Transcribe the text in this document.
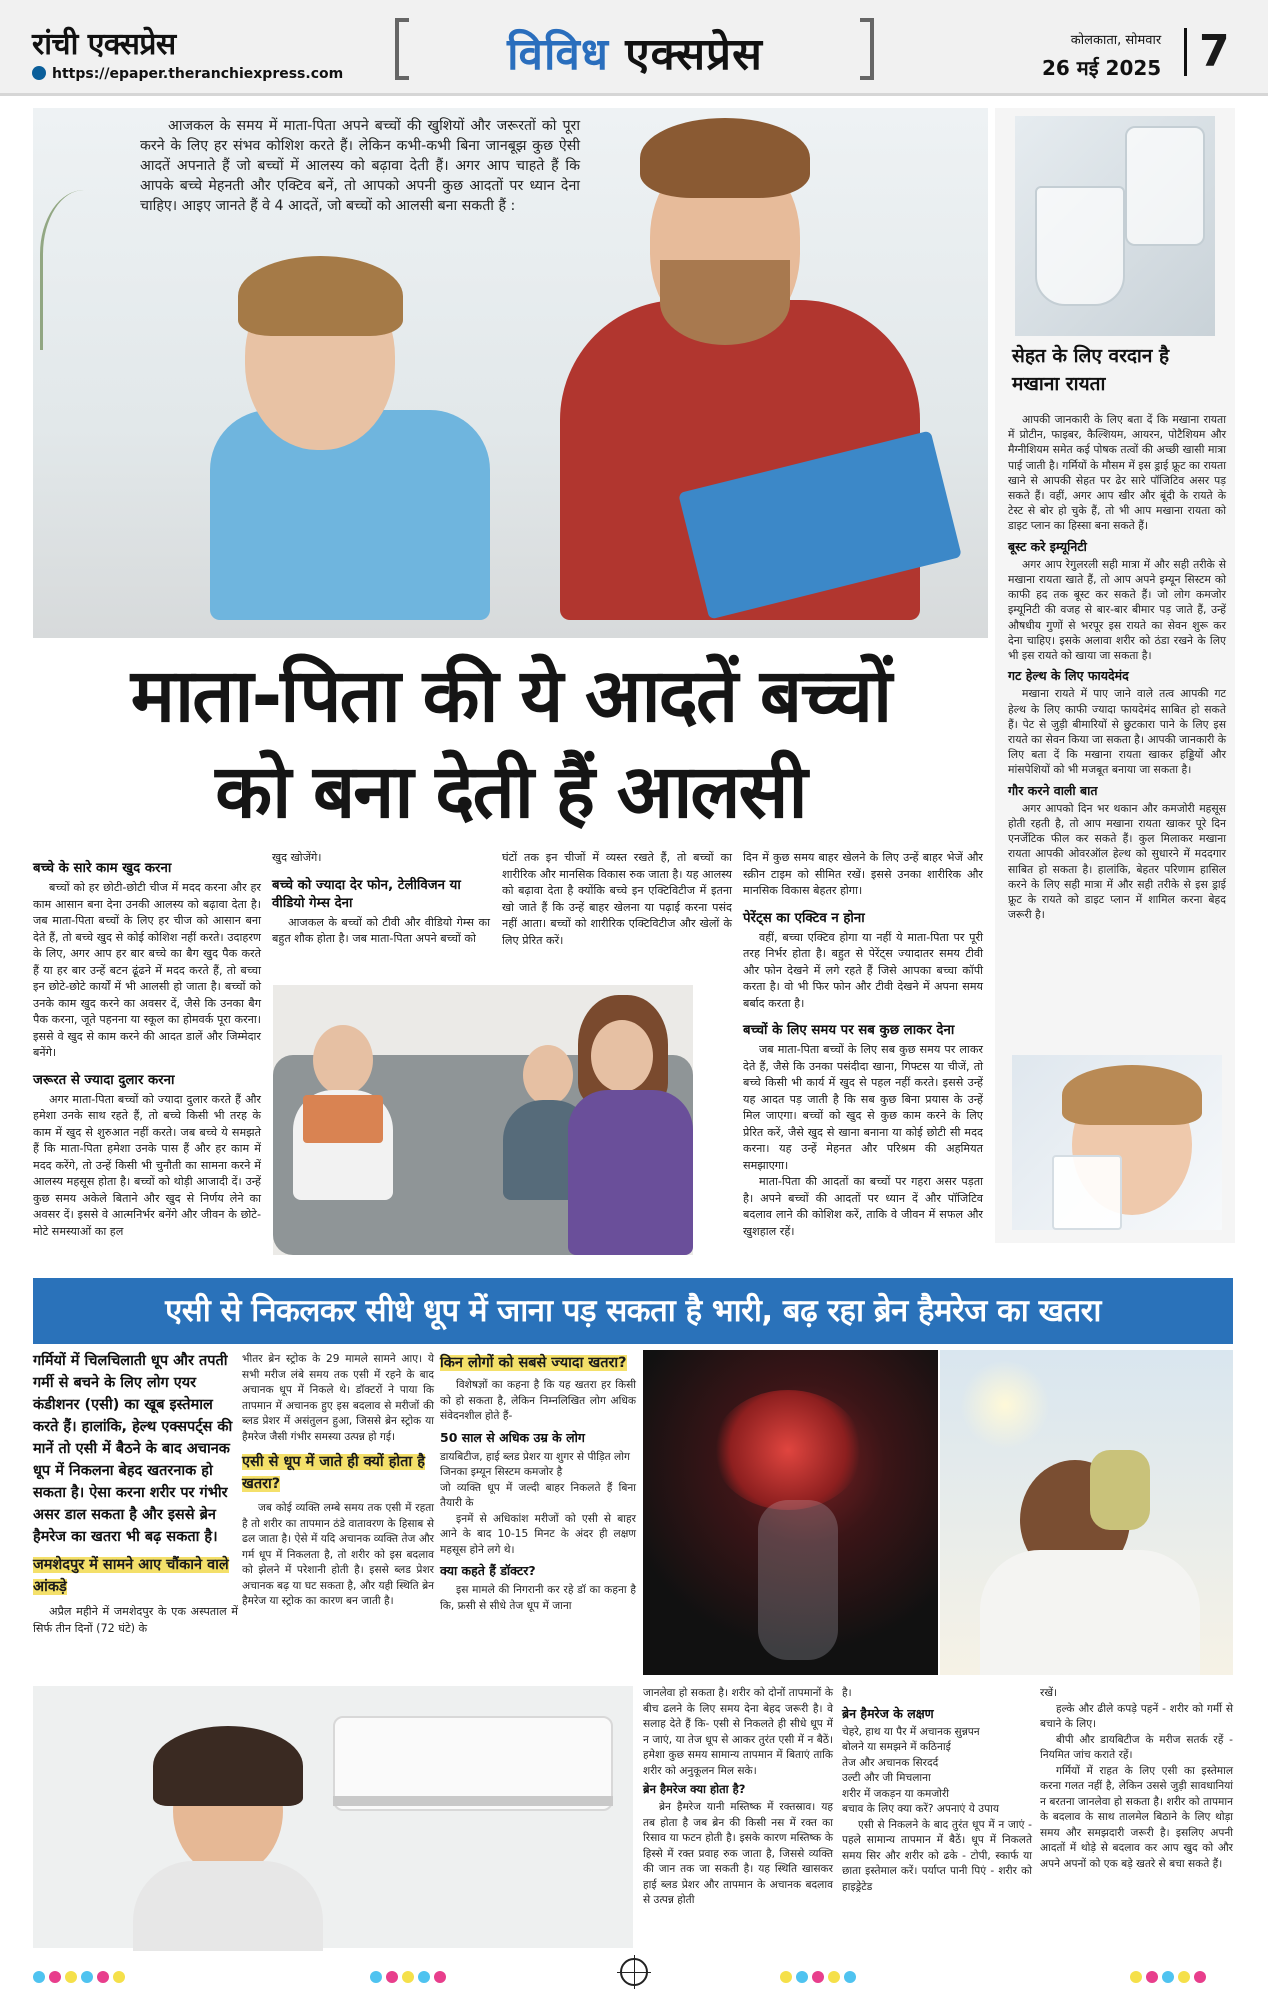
रांची एक्सप्रेस
https://epaper.theranchiexpress.com	विविध एक्सप्रेस	कोलकाता, सोमवार
26 मई 2025 7
आजकल के समय में माता-पिता अपने बच्चों की खुशियों और जरूरतों को पूरा करने के लिए हर संभव कोशिश करते हैं। लेकिन कभी-कभी बिना जानबूझ कुछ ऐसी आदतें अपनाते हैं जो बच्चों में आलस्य को बढ़ावा देती हैं। अगर आप चाहते हैं कि आपके बच्चे मेहनती और एक्टिव बनें, तो आपको अपनी कुछ आदतों पर ध्यान देना चाहिए। आइए जानते हैं वे 4 आदतें, जो बच्चों को आलसी बना सकती हैं :
माता-पिता की ये आदतें बच्चों
को बना देती हैं आलसी
बच्चे के सारे काम खुद करना
बच्चों को हर छोटी-छोटी चीज में मदद करना और हर काम आसान बना देना उनकी आलस्य को बढ़ावा देता है। जब माता-पिता बच्चों के लिए हर चीज को आसान बना देते हैं, तो बच्चे खुद से कोई कोशिश नहीं करते। उदाहरण के लिए, अगर आप हर बार बच्चे का बैग खुद पैक करते हैं या हर बार उन्हें बटन ढूंढने में मदद करते हैं, तो बच्चा इन छोटे-छोटे कार्यों में भी आलसी हो जाता है। बच्चों को उनके काम खुद करने का अवसर दें, जैसे कि उनका बैग पैक करना, जूते पहनना या स्कूल का होमवर्क पूरा करना। इससे वे खुद से काम करने की आदत डालें और जिम्मेदार बनेंगे।
जरूरत से ज्यादा दुलार करना
अगर माता-पिता बच्चों को ज्यादा दुलार करते हैं और हमेशा उनके साथ रहते हैं, तो बच्चे किसी भी तरह के काम में खुद से शुरुआत नहीं करते। जब बच्चे ये समझते हैं कि माता-पिता हमेशा उनके पास हैं और हर काम में मदद करेंगे, तो उन्हें किसी भी चुनौती का सामना करने में आलस्य महसूस होता है। बच्चों को थोड़ी आजादी दें। उन्हें कुछ समय अकेले बिताने और खुद से निर्णय लेने का अवसर दें। इससे वे आत्मनिर्भर बनेंगे और जीवन के छोटे-मोटे समस्याओं का हल
खुद खोजेंगे।
बच्चे को ज्यादा देर फोन, टेलीविजन या वीडियो गेम्स देना
आजकल के बच्चों को टीवी और वीडियो गेम्स का बहुत शौक होता है। जब माता-पिता अपने बच्चों को
घंटों तक इन चीजों में व्यस्त रखते हैं, तो बच्चों का शारीरिक और मानसिक विकास रुक जाता है। यह आलस्य को बढ़ावा देता है क्योंकि बच्चे इन एक्टिविटीज में इतना खो जाते हैं कि उन्हें बाहर खेलना या पढ़ाई करना पसंद नहीं आता। बच्चों को शारीरिक एक्टिविटीज और खेलों के लिए प्रेरित करें।
दिन में कुछ समय बाहर खेलने के लिए उन्हें बाहर भेजें और स्क्रीन टाइम को सीमित रखें। इससे उनका शारीरिक और मानसिक विकास बेहतर होगा।
पेरेंट्स का एक्टिव न होना
वहीं, बच्चा एक्टिव होगा या नहीं ये माता-पिता पर पूरी तरह निर्भर होता है। बहुत से पेरेंट्स ज्यादातर समय टीवी और फोन देखने में लगे रहते हैं जिसे आपका बच्चा कॉपी करता है। वो भी फिर फोन और टीवी देखने में अपना समय बर्बाद करता है।
बच्चों के लिए समय पर सब कुछ लाकर देना
जब माता-पिता बच्चों के लिए सब कुछ समय पर लाकर देते हैं, जैसे कि उनका पसंदीदा खाना, गिफ्टस या चीजें, तो बच्चे किसी भी कार्य में खुद से पहल नहीं करते। इससे उन्हें यह आदत पड़ जाती है कि सब कुछ बिना प्रयास के उन्हें मिल जाएगा। बच्चों को खुद से कुछ काम करने के लिए प्रेरित करें, जैसे खुद से खाना बनाना या कोई छोटी सी मदद करना। यह उन्हें मेहनत और परिश्रम की अहमियत समझाएगा।
माता-पिता की आदतों का बच्चों पर गहरा असर पड़ता है। अपने बच्चों की आदतों पर ध्यान दें और पॉजिटिव बदलाव लाने की कोशिश करें, ताकि वे जीवन में सफल और खुशहाल रहें।
सेहत के लिए वरदान है मखाना रायता
आपकी जानकारी के लिए बता दें कि मखाना रायता में प्रोटीन, फाइबर, कैल्शियम, आयरन, पोटैशियम और मैग्नीशियम समेत कई पोषक तत्वों की अच्छी खासी मात्रा पाई जाती है। गर्मियों के मौसम में इस ड्राई फ्रूट का रायता खाने से आपकी सेहत पर ढेर सारे पॉजिटिव असर पड़ सकते हैं। वहीं, अगर आप खीर और बूंदी के रायते के टेस्ट से बोर हो चुके हैं, तो भी आप मखाना रायता को डाइट प्लान का हिस्सा बना सकते हैं।
बूस्ट करे इम्यूनिटी
अगर आप रेगुलरली सही मात्रा में और सही तरीके से मखाना रायता खाते हैं, तो आप अपने इम्यून सिस्टम को काफी हद तक बूस्ट कर सकते हैं। जो लोग कमजोर इम्यूनिटी की वजह से बार-बार बीमार पड़ जाते हैं, उन्हें औषधीय गुणों से भरपूर इस रायते का सेवन शुरू कर देना चाहिए। इसके अलावा शरीर को ठंडा रखने के लिए भी इस रायते को खाया जा सकता है।
गट हेल्थ के लिए फायदेमंद
मखाना रायते में पाए जाने वाले तत्व आपकी गट हेल्थ के लिए काफी ज्यादा फायदेमंद साबित हो सकते हैं। पेट से जुड़ी बीमारियों से छुटकारा पाने के लिए इस रायते का सेवन किया जा सकता है। आपकी जानकारी के लिए बता दें कि मखाना रायता खाकर हड्डियों और मांसपेशियों को भी मजबूत बनाया जा सकता है।
गौर करने वाली बात
अगर आपको दिन भर थकान और कमजोरी महसूस होती रहती है, तो आप मखाना रायता खाकर पूरे दिन एनर्जेटिक फील कर सकते हैं। कुल मिलाकर मखाना रायता आपकी ओवरऑल हेल्थ को सुधारने में मददगार साबित हो सकता है। हालांकि, बेहतर परिणाम हासिल करने के लिए सही मात्रा में और सही तरीके से इस ड्राई फ्रूट के रायते को डाइट प्लान में शामिल करना बेहद जरूरी है।
एसी से निकलकर सीधे धूप में जाना पड़ सकता है भारी, बढ़ रहा ब्रेन हैमरेज का खतरा
गर्मियों में चिलचिलाती धूप और तपती गर्मी से बचने के लिए लोग एयर कंडीशनर (एसी) का खूब इस्तेमाल करते हैं। हालांकि, हेल्थ एक्सपर्ट्स की मानें तो एसी में बैठने के बाद अचानक धूप में निकलना बेहद खतरनाक हो सकता है। ऐसा करना शरीर पर गंभीर असर डाल सकता है और इससे ब्रेन हैमरेज का खतरा भी बढ़ सकता है।
जमशेदपुर में सामने आए चौंकाने वाले आंकड़े
अप्रैल महीने में जमशेदपुर के एक अस्पताल में सिर्फ तीन दिनों (72 घंटे) के
भीतर ब्रेन स्ट्रोक के 29 मामले सामने आए। ये सभी मरीज लंबे समय तक एसी में रहने के बाद अचानक धूप में निकले थे। डॉक्टरों ने पाया कि तापमान में अचानक हुए इस बदलाव से मरीजों की ब्लड प्रेशर में असंतुलन हुआ, जिससे ब्रेन स्ट्रोक या हैमरेज जैसी गंभीर समस्या उत्पन्न हो गई।
एसी से धूप में जाते ही क्यों होता है खतरा?
जब कोई व्यक्ति लम्बे समय तक एसी में रहता है तो शरीर का तापमान ठंडे वातावरण के हिसाब से ढल जाता है। ऐसे में यदि अचानक व्यक्ति तेज और गर्म धूप में निकलता है, तो शरीर को इस बदलाव को झेलने में परेशानी होती है। इससे ब्लड प्रेशर अचानक बढ़ या घट सकता है, और यही स्थिति ब्रेन हैमरेज या स्ट्रोक का कारण बन जाती है।
किन लोगों को सबसे ज्यादा खतरा?
विशेषज्ञों का कहना है कि यह खतरा हर किसी को हो सकता है, लेकिन निम्नलिखित लोग अधिक संवेदनशील होते हैं-
50 साल से अधिक उम्र के लोग
डायबिटीज, हाई ब्लड प्रेशर या शुगर से पीड़ित लोग
जिनका इम्यून सिस्टम कमजोर है
जो व्यक्ति धूप में जल्दी बाहर निकलते हैं बिना तैयारी के
इनमें से अधिकांश मरीजों को एसी से बाहर आने के बाद 10-15 मिनट के अंदर ही लक्षण महसूस होने लगे थे।
क्या कहते हैं डॉक्टर?
इस मामले की निगरानी कर रहे डॉ का कहना है कि, फ्रसी से सीधे तेज धूप में जाना
जानलेवा हो सकता है। शरीर को दोनों तापमानों के बीच ढलने के लिए समय देना बेहद जरूरी है। वे सलाह देते हैं कि- एसी से निकलते ही सीधे धूप में न जाएं, या तेज धूप से आकर तुरंत एसी में न बैठें। हमेशा कुछ समय सामान्य तापमान में बिताएं ताकि शरीर को अनुकूलन मिल सके।
ब्रेन हैमरेज क्या होता है?
ब्रेन हैमरेज यानी मस्तिष्क में रक्तस्राव। यह तब होता है जब ब्रेन की किसी नस में रक्त का रिसाव या फटन होती है। इसके कारण मस्तिष्क के हिस्से में रक्त प्रवाह रुक जाता है, जिससे व्यक्ति की जान तक जा सकती है। यह स्थिति खासकर हाई ब्लड प्रेशर और तापमान के अचानक बदलाव से उत्पन्न होती
है।
ब्रेन हैमरेज के लक्षण
चेहरे, हाथ या पैर में अचानक सुन्नपन
बोलने या समझने में कठिनाई
तेज और अचानक सिरदर्द
उल्टी और जी मिचलाना
शरीर में जकड़न या कमजोरी
बचाव के लिए क्या करें? अपनाएं ये उपाय
एसी से निकलने के बाद तुरंत धूप में न जाएं - पहले सामान्य तापमान में बैठें। धूप में निकलते समय सिर और शरीर को ढके - टोपी, स्कार्फ या छाता इस्तेमाल करें। पर्याप्त पानी पिएं - शरीर को हाइड्रेटेड
रखें।
हल्के और ढीले कपड़े पहनें - शरीर को गर्मी से बचाने के लिए।
बीपी और डायबिटीज के मरीज सतर्क रहें - नियमित जांच कराते रहें।
गर्मियों में राहत के लिए एसी का इस्तेमाल करना गलत नहीं है, लेकिन उससे जुड़ी सावधानियां न बरतना जानलेवा हो सकता है। शरीर को तापमान के बदलाव के साथ तालमेल बिठाने के लिए थोड़ा समय और समझदारी जरूरी है। इसलिए अपनी आदतों में थोड़े से बदलाव कर आप खुद को और अपने अपनों को एक बड़े खतरे से बचा सकते हैं।
